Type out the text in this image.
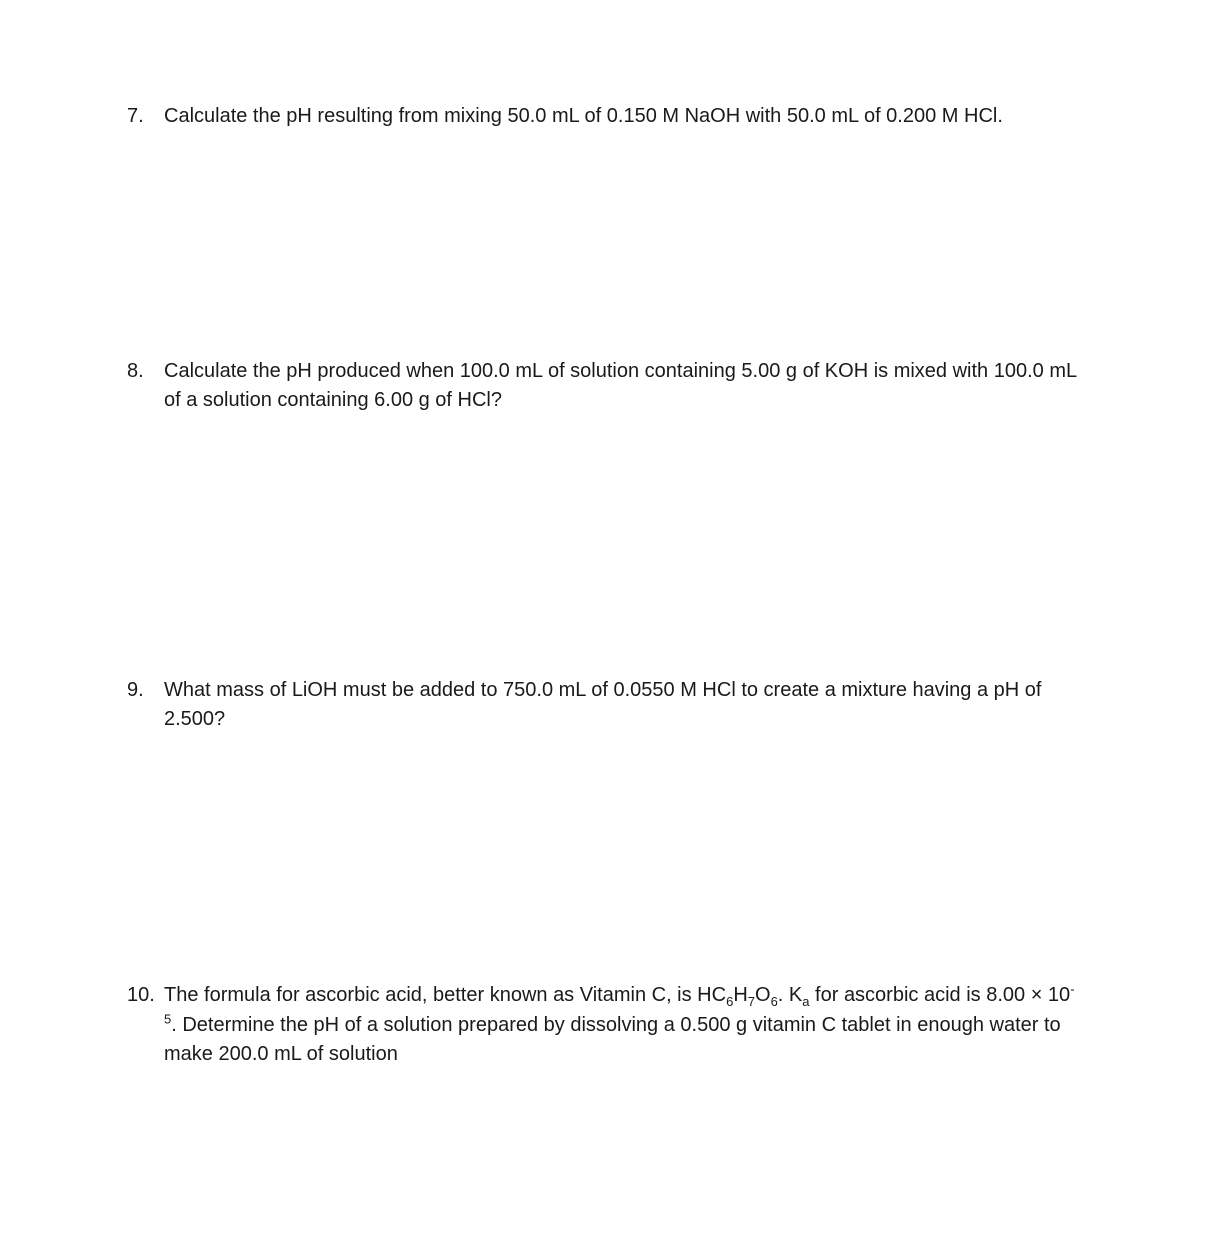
7. Calculate the pH resulting from mixing 50.0 mL of 0.150 M NaOH with 50.0 mL of 0.200 M HCl.
8. Calculate the pH produced when 100.0 mL of solution containing 5.00 g of KOH is mixed with 100.0 mL of a solution containing 6.00 g of HCl?
9. What mass of LiOH must be added to 750.0 mL of 0.0550 M HCl to create a mixture having a pH of 2.500?
10. The formula for ascorbic acid, better known as Vitamin C, is $HC_6H_7O_6$. $K_a$ for ascorbic acid is $8.00 \times 10^{-5}$. Determine the pH of a solution prepared by dissolving a 0.500 g vitamin C tablet in enough water to make 200.0 mL of solution
